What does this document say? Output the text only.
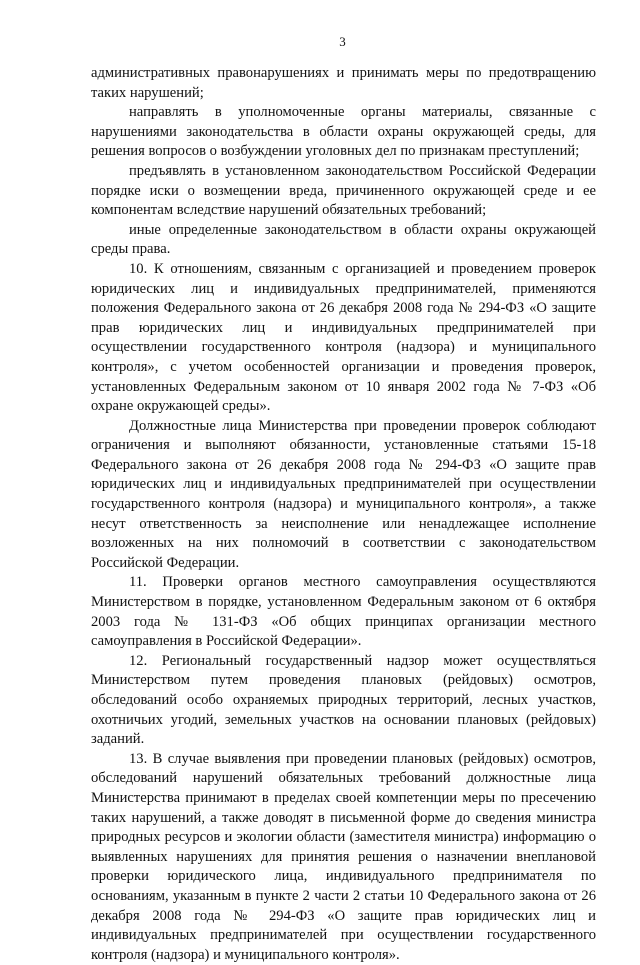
3

административных правонарушениях и принимать меры по предотвращению таких нарушений;

направлять в уполномоченные органы материалы, связанные с нарушениями законодательства в области охраны окружающей среды, для решения вопросов о возбуждении уголовных дел по признакам преступлений;

предъявлять в установленном законодательством Российской Федерации порядке иски о возмещении вреда, причиненного окружающей среде и ее компонентам вследствие нарушений обязательных требований;

иные определенные законодательством в области охраны окружающей среды права.

10. К отношениям, связанным с организацией и проведением проверок юридических лиц и индивидуальных предпринимателей, применяются положения Федерального закона от 26 декабря 2008 года № 294-ФЗ «О защите прав юридических лиц и индивидуальных предпринимателей при осуществлении государственного контроля (надзора) и муниципального контроля», с учетом особенностей организации и проведения проверок, установленных Федеральным законом от 10 января 2002 года № 7-ФЗ «Об охране окружающей среды».

Должностные лица Министерства при проведении проверок соблюдают ограничения и выполняют обязанности, установленные статьями 15-18 Федерального закона от 26 декабря 2008 года № 294-ФЗ «О защите прав юридических лиц и индивидуальных предпринимателей при осуществлении государственного контроля (надзора) и муниципального контроля», а также несут ответственность за неисполнение или ненадлежащее исполнение возложенных на них полномочий в соответствии с законодательством Российской Федерации.

11. Проверки органов местного самоуправления осуществляются Министерством в порядке, установленном Федеральным законом от 6 октября 2003 года № 131-ФЗ «Об общих принципах организации местного самоуправления в Российской Федерации».

12. Региональный государственный надзор может осуществляться Министерством путем проведения плановых (рейдовых) осмотров, обследований особо охраняемых природных территорий, лесных участков, охотничьих угодий, земельных участков на основании плановых (рейдовых) заданий.

13. В случае выявления при проведении плановых (рейдовых) осмотров, обследований нарушений обязательных требований должностные лица Министерства принимают в пределах своей компетенции меры по пресечению таких нарушений, а также доводят в письменной форме до сведения министра природных ресурсов и экологии области (заместителя министра) информацию о выявленных нарушениях для принятия решения о назначении внеплановой проверки юридического лица, индивидуального предпринимателя по основаниям, указанным в пункте 2 части 2 статьи 10 Федерального закона от 26 декабря 2008 года № 294-ФЗ «О защите прав юридических лиц и индивидуальных предпринимателей при осуществлении государственного контроля (надзора) и муниципального контроля».
